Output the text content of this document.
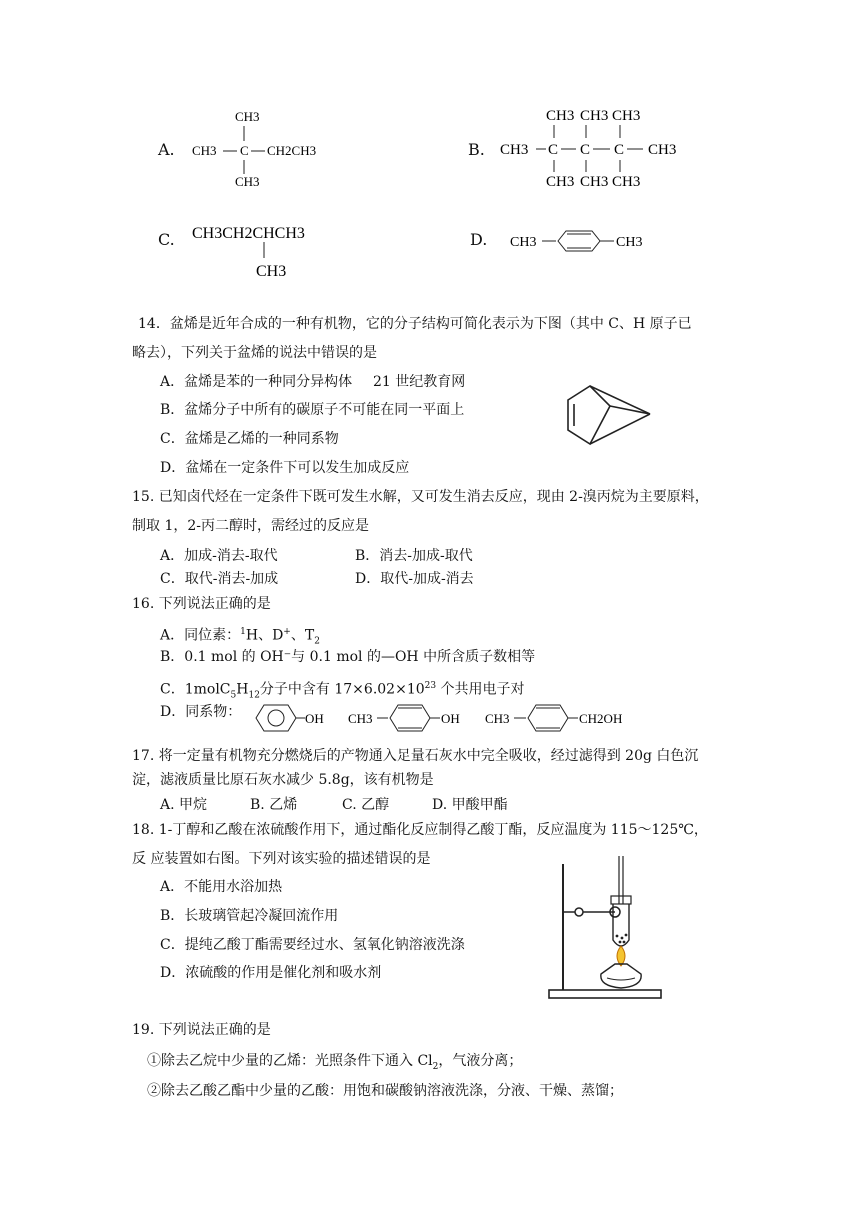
A.
CH3
CH3 C CH2CH3
CH3
B.
CH3 CH3 CH3
CH3 C C C CH3
CH3 CH3 CH3
C. CH3CH2CHCH3
CH3
D. CH3	CH3
14．盆烯是近年合成的一种有机物，它的分子结构可简化表示为下图（其中 C、H 原子已
略去），下列关于盆烯的说法中错误的是
A．盆烯是苯的一种同分异构体 21 世纪教育网
B．盆烯分子中所有的碳原子不可能在同一平面上
C．盆烯是乙烯的一种同系物
D．盆烯在一定条件下可以发生加成反应
15. 已知卤代烃在一定条件下既可发生水解，又可发生消去反应，现由 2-溴丙烷为主要原料，
制取 1，2-丙二醇时，需经过的反应是
A．加成-消去-取代	B．消去-加成-取代
C．取代-消去-加成	D．取代-加成-消去
16. 下列说法正确的是
A．同位素：$^1$H、D+、$T_2$
B．0.1 mol 的 OH⁻与 0.1 mol 的—OH 中所含质子数相等
C．$1molC_5H_{12}$分子中含有 $17\times 6.02\times 10^{23}$ 个共用电子对
D．同系物：	OH CH3	OH CH3	CH2OH
17. 将一定量有机物充分燃烧后的产物通入足量石灰水中完全吸收，经过滤得到 20g 白色沉
淀，滤液质量比原石灰水减少 5.8g，该有机物是
A. 甲烷	B. 乙烯	C. 乙醇	D. 甲酸甲酯
18. 1-丁醇和乙酸在浓硫酸作用下，通过酯化反应制得乙酸丁酯，反应温度为 115～125℃，
反 应装置如右图。下列对该实验的描述错误的是
A．不能用水浴加热
B．长玻璃管起冷凝回流作用
C．提纯乙酸丁酯需要经过水、氢氧化钠溶液洗涤
D．浓硫酸的作用是催化剂和吸水剂
19. 下列说法正确的是
①除去乙烷中少量的乙烯：光照条件下通入 $Cl_2$，气液分离；
②除去乙酸乙酯中少量的乙酸：用饱和碳酸钠溶液洗涤，分液、干燥、蒸馏；
